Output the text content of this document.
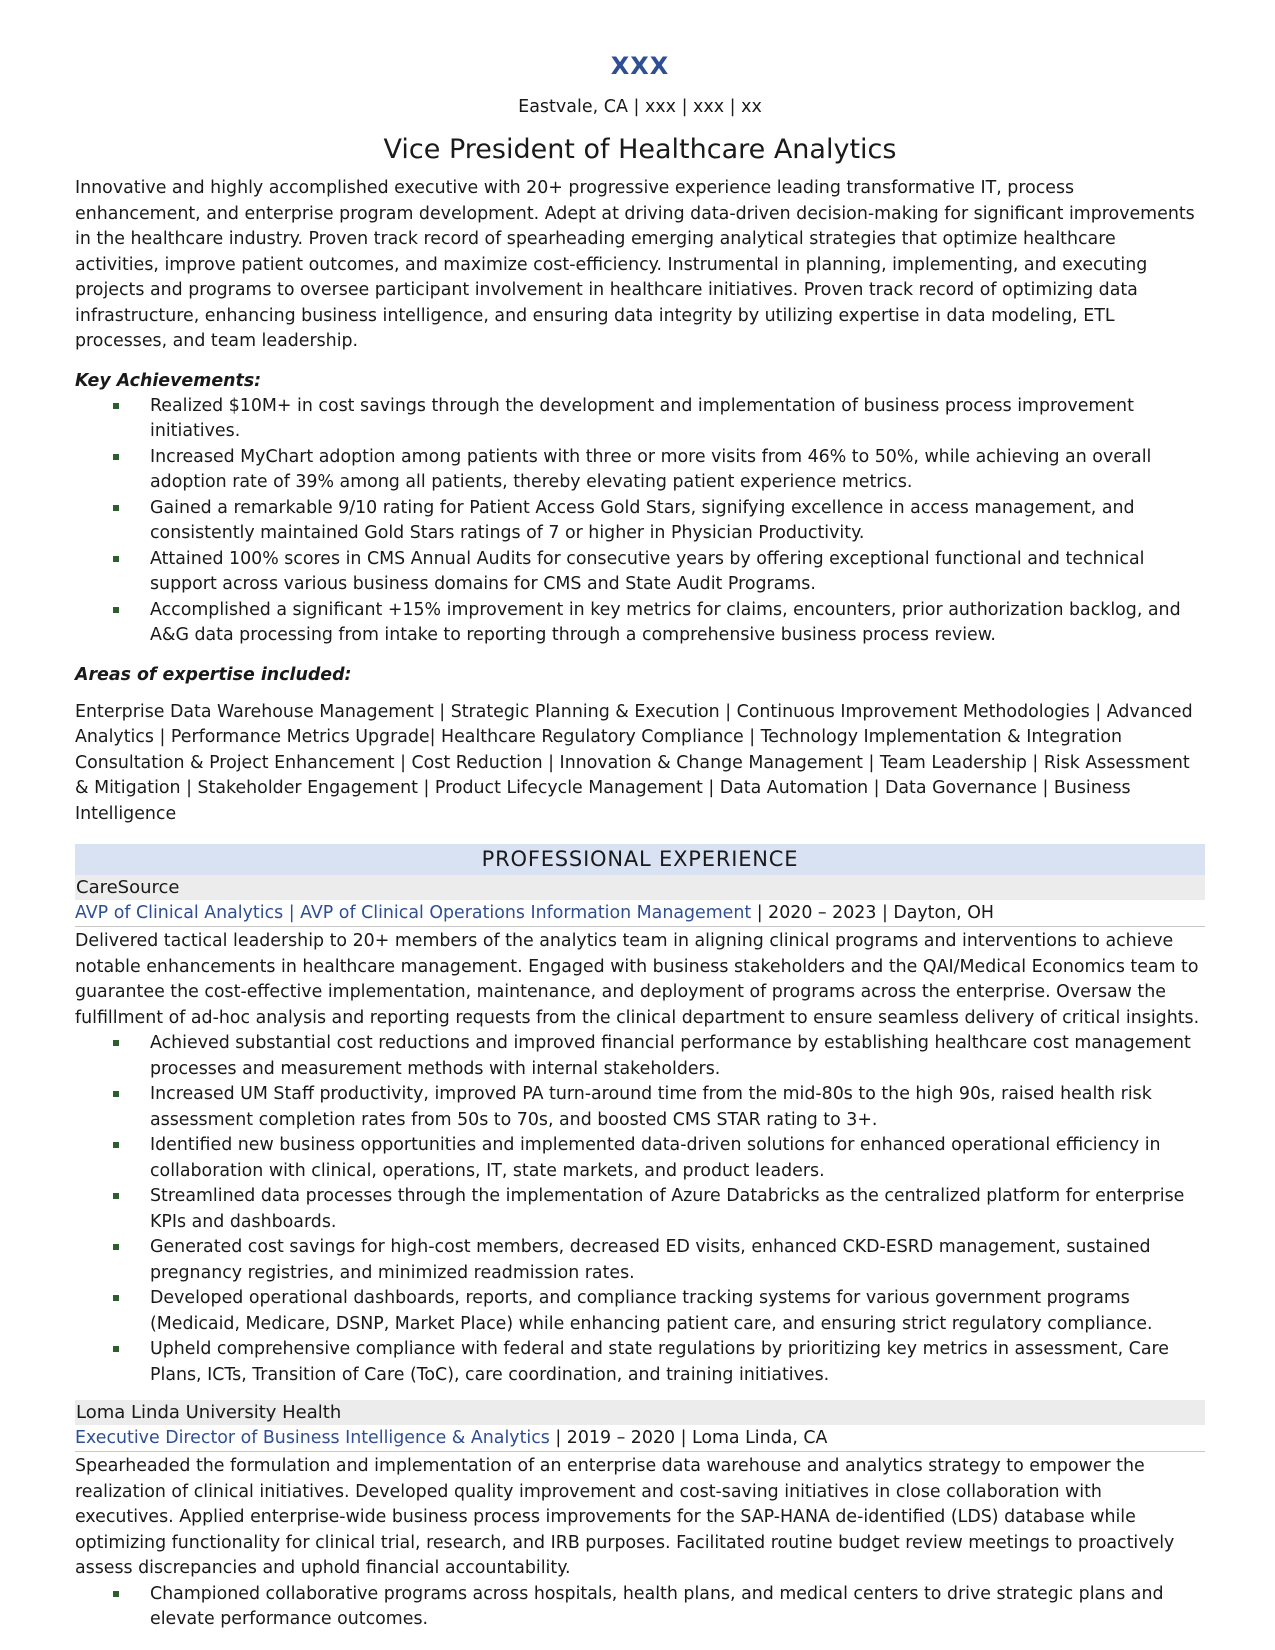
XXX
Eastvale, CA | xxx | xxx | xx
Vice President of Healthcare Analytics
Innovative and highly accomplished executive with 20+ progressive experience leading transformative IT, process enhancement, and enterprise program development. Adept at driving data-driven decision-making for significant improvements in the healthcare industry. Proven track record of spearheading emerging analytical strategies that optimize healthcare activities, improve patient outcomes, and maximize cost-efficiency. Instrumental in planning, implementing, and executing projects and programs to oversee participant involvement in healthcare initiatives. Proven track record of optimizing data infrastructure, enhancing business intelligence, and ensuring data integrity by utilizing expertise in data modeling, ETL processes, and team leadership.
Key Achievements:
Realized $10M+ in cost savings through the development and implementation of business process improvement initiatives.
Increased MyChart adoption among patients with three or more visits from 46% to 50%, while achieving an overall adoption rate of 39% among all patients, thereby elevating patient experience metrics.
Gained a remarkable 9/10 rating for Patient Access Gold Stars, signifying excellence in access management, and consistently maintained Gold Stars ratings of 7 or higher in Physician Productivity.
Attained 100% scores in CMS Annual Audits for consecutive years by offering exceptional functional and technical support across various business domains for CMS and State Audit Programs.
Accomplished a significant +15% improvement in key metrics for claims, encounters, prior authorization backlog, and A&G data processing from intake to reporting through a comprehensive business process review.
Areas of expertise included:
Enterprise Data Warehouse Management | Strategic Planning & Execution | Continuous Improvement Methodologies | Advanced Analytics | Performance Metrics Upgrade| Healthcare Regulatory Compliance | Technology Implementation & Integration Consultation & Project Enhancement | Cost Reduction | Innovation & Change Management | Team Leadership | Risk Assessment & Mitigation | Stakeholder Engagement | Product Lifecycle Management | Data Automation | Data Governance | Business Intelligence
PROFESSIONAL EXPERIENCE
CareSource
AVP of Clinical Analytics | AVP of Clinical Operations Information Management | 2020 – 2023 | Dayton, OH
Delivered tactical leadership to 20+ members of the analytics team in aligning clinical programs and interventions to achieve notable enhancements in healthcare management. Engaged with business stakeholders and the QAI/Medical Economics team to guarantee the cost-effective implementation, maintenance, and deployment of programs across the enterprise. Oversaw the fulfillment of ad-hoc analysis and reporting requests from the clinical department to ensure seamless delivery of critical insights.
Achieved substantial cost reductions and improved financial performance by establishing healthcare cost management processes and measurement methods with internal stakeholders.
Increased UM Staff productivity, improved PA turn-around time from the mid-80s to the high 90s, raised health risk assessment completion rates from 50s to 70s, and boosted CMS STAR rating to 3+.
Identified new business opportunities and implemented data-driven solutions for enhanced operational efficiency in collaboration with clinical, operations, IT, state markets, and product leaders.
Streamlined data processes through the implementation of Azure Databricks as the centralized platform for enterprise KPIs and dashboards.
Generated cost savings for high-cost members, decreased ED visits, enhanced CKD-ESRD management, sustained pregnancy registries, and minimized readmission rates.
Developed operational dashboards, reports, and compliance tracking systems for various government programs (Medicaid, Medicare, DSNP, Market Place) while enhancing patient care, and ensuring strict regulatory compliance.
Upheld comprehensive compliance with federal and state regulations by prioritizing key metrics in assessment, Care Plans, ICTs, Transition of Care (ToC), care coordination, and training initiatives.
Loma Linda University Health
Executive Director of Business Intelligence & Analytics | 2019 – 2020 | Loma Linda, CA
Spearheaded the formulation and implementation of an enterprise data warehouse and analytics strategy to empower the realization of clinical initiatives. Developed quality improvement and cost-saving initiatives in close collaboration with executives. Applied enterprise-wide business process improvements for the SAP-HANA de-identified (LDS) database while optimizing functionality for clinical trial, research, and IRB purposes. Facilitated routine budget review meetings to proactively assess discrepancies and uphold financial accountability.
Championed collaborative programs across hospitals, health plans, and medical centers to drive strategic plans and elevate performance outcomes.
